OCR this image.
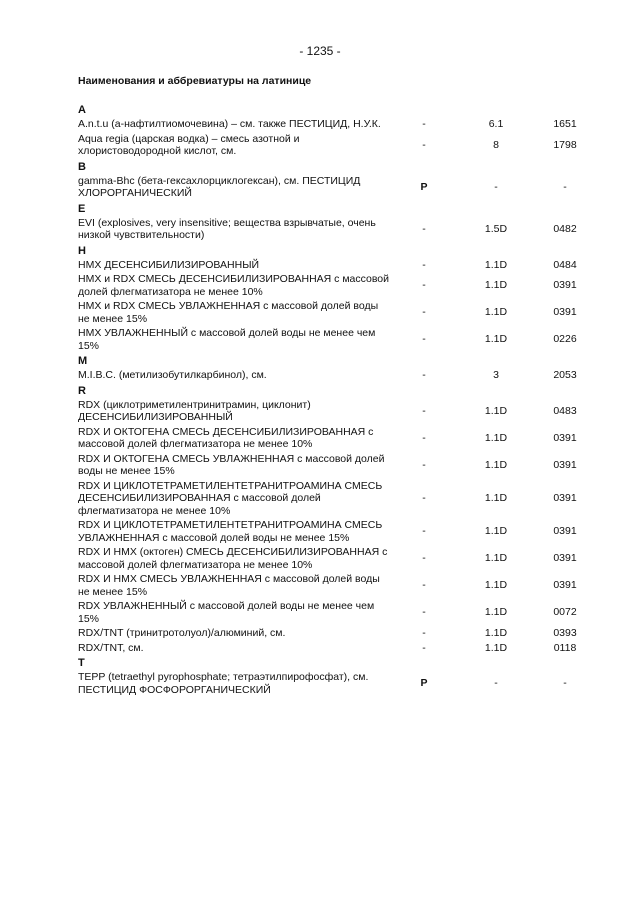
- 1235 -
Наименования и аббревиатуры на латинице
A
A.n.t.u (а-нафтилтиомочевина) – см. также ПЕСТИЦИД, Н.У.К.	-	6.1	1651
Aqua regia (царская водка) – смесь азотной и хлористоводородной кислот, см.
-	8	1798
B
gamma-Bhc (бета-гексахлорциклогексан), см. ПЕСТИЦИД ХЛОРОРГАНИЧЕСКИЙ
P	-	-
E
EVI (explosives, very insensitive; вещества взрывчатые, очень низкой чувствительности)
-	1.5D	0482
H
HMX ДЕСЕНСИБИЛИЗИРОВАННЫЙ	-	1.1D	0484
HMX и RDX СМЕСЬ ДЕСЕНСИБИЛИЗИРОВАННАЯ с массовой долей флегматизатора не менее 10%
-	1.1D	0391
HMX и RDX СМЕСЬ УВЛАЖНЕННАЯ с массовой долей воды не менее 15%
-	1.1D	0391
HMX УВЛАЖНЕННЫЙ с массовой долей воды не менее чем 15%
-	1.1D	0226
M
M.I.B.C. (метилизобутилкарбинол), см.	-	3	2053
R
RDX (циклотриметилентринитрамин, циклонит) ДЕСЕНСИБИЛИЗИРОВАННЫЙ
-	1.1D	0483
RDX И ОКТОГЕНА СМЕСЬ ДЕСЕНСИБИЛИЗИРОВАННАЯ с массовой долей флегматизатора не менее 10%
-	1.1D	0391
RDX И ОКТОГЕНА СМЕСЬ УВЛАЖНЕННАЯ с массовой долей воды не менее 15%
-	1.1D	0391
RDX И ЦИКЛОТЕТРАМЕТИЛЕНТЕТРАНИТРОАМИНА СМЕСЬ ДЕСЕНСИБИЛИЗИРОВАННАЯ с массовой долей флегматизатора не менее 10%
-	1.1D	0391
RDX И ЦИКЛОТЕТРАМЕТИЛЕНТЕТРАНИТРОАМИНА СМЕСЬ УВЛАЖНЕННАЯ с массовой долей воды не менее 15%
-	1.1D	0391
RDX И HMX (октоген) СМЕСЬ ДЕСЕНСИБИЛИЗИРОВАННАЯ с массовой долей флегматизатора не менее 10%
-	1.1D	0391
RDX И HMX СМЕСЬ УВЛАЖНЕННАЯ с массовой долей воды не менее 15%
-	1.1D	0391
RDX УВЛАЖНЕННЫЙ с массовой долей воды не менее чем 15%
-	1.1D	0072
RDX/TNT (тринитротолуол)/алюминий, см.	-	1.1D	0393
RDX/TNT, см.	-	1.1D	0118
T
TEPP (tetraethyl pyrophosphate; тетраэтилпирофосфат), см. ПЕСТИЦИД ФОСФОРОРГАНИЧЕСКИЙ
P	-	-
